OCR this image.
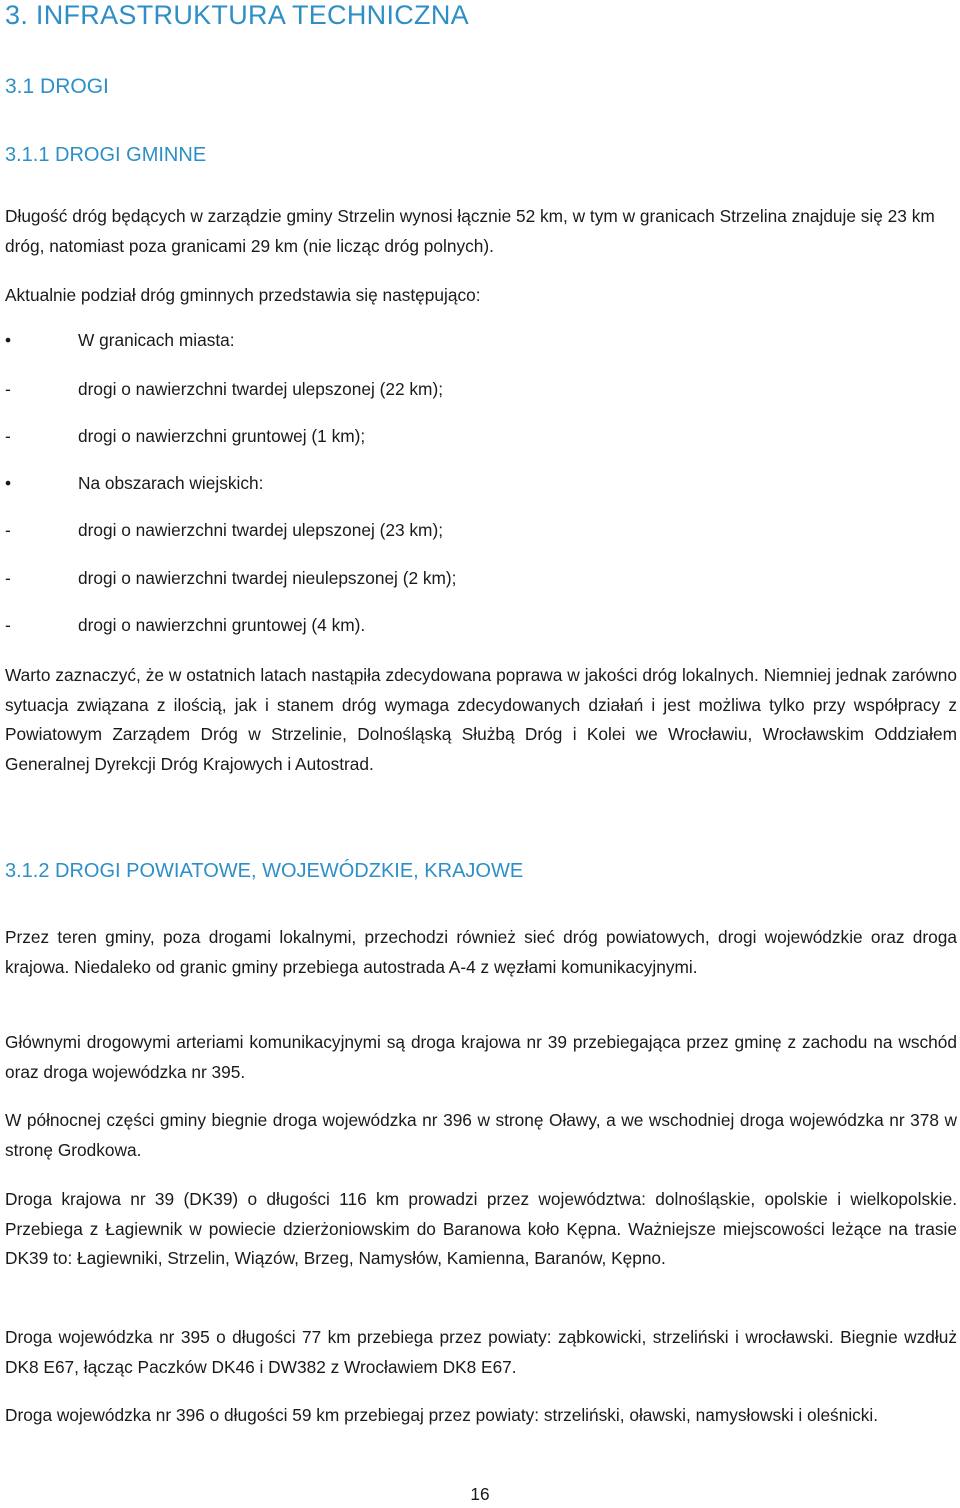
3. INFRASTRUKTURA TECHNICZNA
3.1 DROGI
3.1.1 DROGI GMINNE

Długość dróg będących w zarządzie gminy Strzelin wynosi łącznie 52 km, w tym w granicach Strzelina znajduje się 23 km dróg, natomiast poza granicami 29 km (nie licząc dróg polnych).

Aktualnie podział dróg gminnych przedstawia się następująco:

•	W granicach miasta:
-	drogi o nawierzchni twardej ulepszonej (22 km);
-	drogi o nawierzchni gruntowej (1 km);
•	Na obszarach wiejskich:
-	drogi o nawierzchni twardej ulepszonej (23 km);
-	drogi o nawierzchni twardej nieulepszonej (2 km);
-	drogi o nawierzchni gruntowej (4 km).

Warto zaznaczyć, że w ostatnich latach nastąpiła zdecydowana poprawa w jakości dróg lokalnych. Niemniej jednak zarówno sytuacja związana z ilością, jak i stanem dróg wymaga zdecydowanych działań i jest możliwa tylko przy współpracy z Powiatowym Zarządem Dróg w Strzelinie, Dolnośląską Służbą Dróg i Kolei we Wrocławiu, Wrocławskim Oddziałem Generalnej Dyrekcji Dróg Krajowych i Autostrad.

3.1.2 DROGI POWIATOWE, WOJEWÓDZKIE, KRAJOWE

Przez teren gminy, poza drogami lokalnymi, przechodzi również sieć dróg powiatowych, drogi wojewódzkie oraz droga krajowa. Niedaleko od granic gminy przebiega autostrada A-4 z węzłami komunikacyjnymi.

Głównymi drogowymi arteriami komunikacyjnymi są droga krajowa nr 39 przebiegająca przez gminę z zachodu na wschód oraz droga wojewódzka nr 395.

W północnej części gminy biegnie droga wojewódzka nr 396 w stronę Oławy, a we wschodniej droga wojewódzka nr 378 w stronę Grodkowa.

Droga krajowa nr 39 (DK39) o długości 116 km prowadzi przez województwa: dolnośląskie, opolskie i wielkopolskie. Przebiega z Łagiewnik w powiecie dzierżoniowskim do Baranowa koło Kępna. Ważniejsze miejscowości leżące na trasie DK39 to: Łagiewniki, Strzelin, Wiązów, Brzeg, Namysłów, Kamienna, Baranów, Kępno.

Droga wojewódzka nr 395 o długości 77 km przebiega przez powiaty: ząbkowicki, strzeliński i wrocławski. Biegnie wzdłuż DK8 E67, łącząc Paczków DK46 i DW382 z Wrocławiem DK8 E67.

Droga wojewódzka nr 396 o długości 59 km przebiegaj przez powiaty: strzeliński, oławski, namysłowski i oleśnicki.

16
